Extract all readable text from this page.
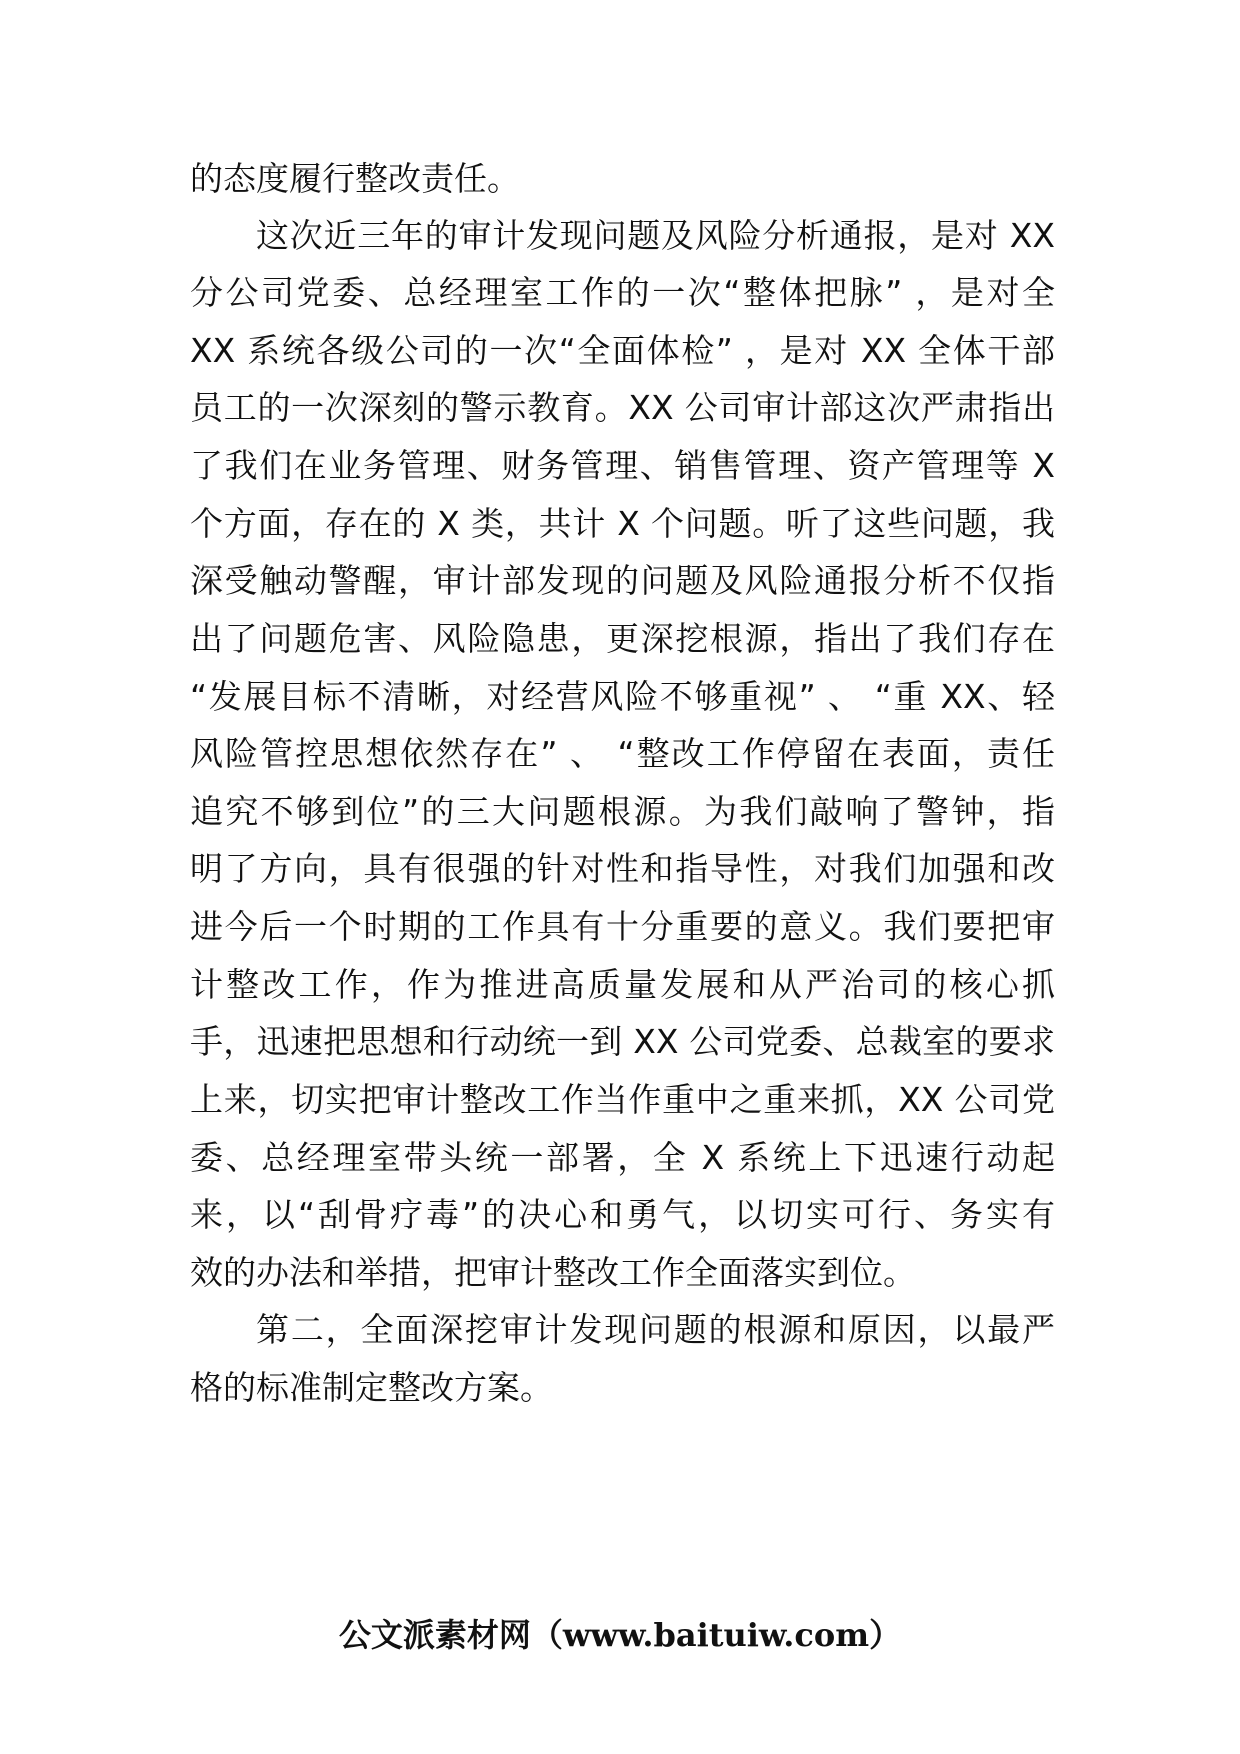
的态度履行整改责任。
这次近三年的审计发现问题及风险分析通报，是对 XX
分公司党委、总经理室工作的一次“整体把脉” ，是对全
XX 系统各级公司的一次“全面体检” ，是对 XX 全体干部
员工的一次深刻的警示教育。XX 公司审计部这次严肃指出
了我们在业务管理、财务管理、销售管理、资产管理等 X
个方面，存在的 X 类，共计 X 个问题。听了这些问题，我
深受触动警醒，审计部发现的问题及风险通报分析不仅指
出了问题危害、风险隐患，更深挖根源，指出了我们存在
“发展目标不清晰，对经营风险不够重视” 、 “重 XX、轻
风险管控思想依然存在” 、 “整改工作停留在表面，责任
追究不够到位”的三大问题根源。为我们敲响了警钟，指
明了方向，具有很强的针对性和指导性，对我们加强和改
进今后一个时期的工作具有十分重要的意义。我们要把审
计整改工作，作为推进高质量发展和从严治司的核心抓
手，迅速把思想和行动统一到 XX 公司党委、总裁室的要求
上来，切实把审计整改工作当作重中之重来抓，XX 公司党
委、总经理室带头统一部署，全 X 系统上下迅速行动起
来，以“刮骨疗毒”的决心和勇气，以切实可行、务实有
效的办法和举措，把审计整改工作全面落实到位。
第二，全面深挖审计发现问题的根源和原因，以最严
格的标准制定整改方案。
公文派素材网（www.baituiw.com）
